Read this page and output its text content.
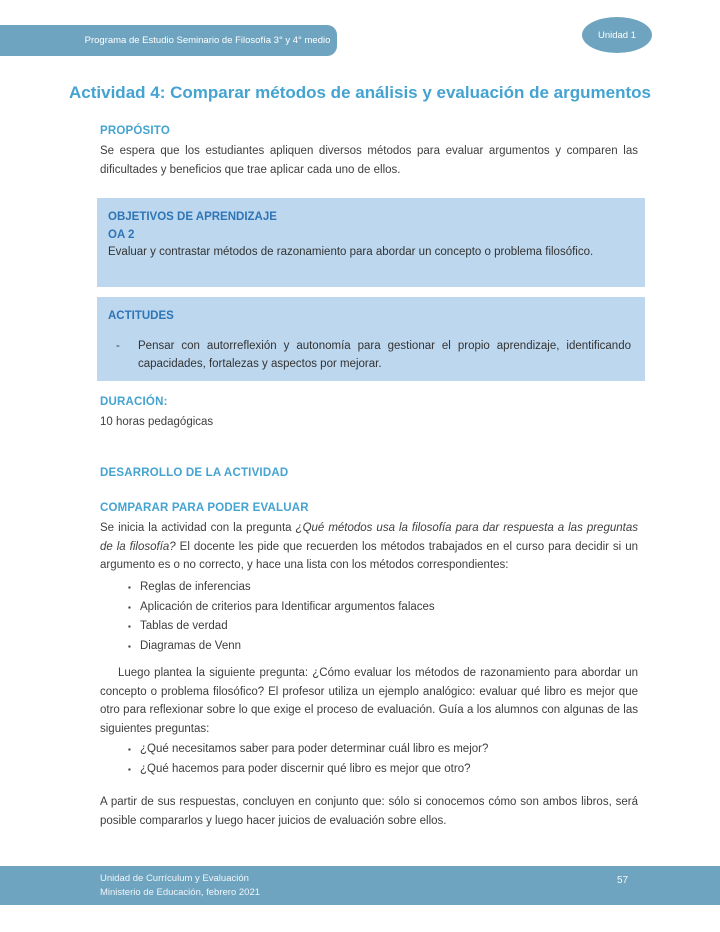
Programa de Estudio Seminario de Filosofía 3° y 4° medio	Unidad 1
Actividad 4: Comparar métodos de análisis y evaluación de argumentos
PROPÓSITO

Se espera que los estudiantes apliquen diversos métodos para evaluar argumentos y comparen las dificultades y beneficios que trae aplicar cada uno de ellos.

OBJETIVOS DE APRENDIZAJE
OA 2
Evaluar y contrastar métodos de razonamiento para abordar un concepto o problema filosófico.
ACTITUDES
-	Pensar con autorreflexión y autonomía para gestionar el propio aprendizaje, identificando capacidades, fortalezas y aspectos por mejorar.
DURACIÓN:
10 horas pedagógicas
DESARROLLO DE LA ACTIVIDAD
COMPARAR PARA PODER EVALUAR

Se inicia la actividad con la pregunta ¿Qué métodos usa la filosofía para dar respuesta a las preguntas de la filosofía? El docente les pide que recuerden los métodos trabajados en el curso para decidir si un argumento es o no correcto, y hace una lista con los métodos correspondientes:

▪ Reglas de inferencias
▪ Aplicación de criterios para Identificar argumentos falaces
▪ Tablas de verdad
▪ Diagramas de Venn

Luego plantea la siguiente pregunta: ¿Cómo evaluar los métodos de razonamiento para abordar un concepto o problema filosófico? El profesor utiliza un ejemplo analógico: evaluar qué libro es mejor que otro para reflexionar sobre lo que exige el proceso de evaluación. Guía a los alumnos con algunas de las siguientes preguntas:

▪ ¿Qué necesitamos saber para poder determinar cuál libro es mejor?
▪ ¿Qué hacemos para poder discernir qué libro es mejor que otro?

A partir de sus respuestas, concluyen en conjunto que: sólo si conocemos cómo son ambos libros, será posible compararlos y luego hacer juicios de evaluación sobre ellos.

Unidad de Currículum y Evaluación
Ministerio de Educación, febrero 2021
57
